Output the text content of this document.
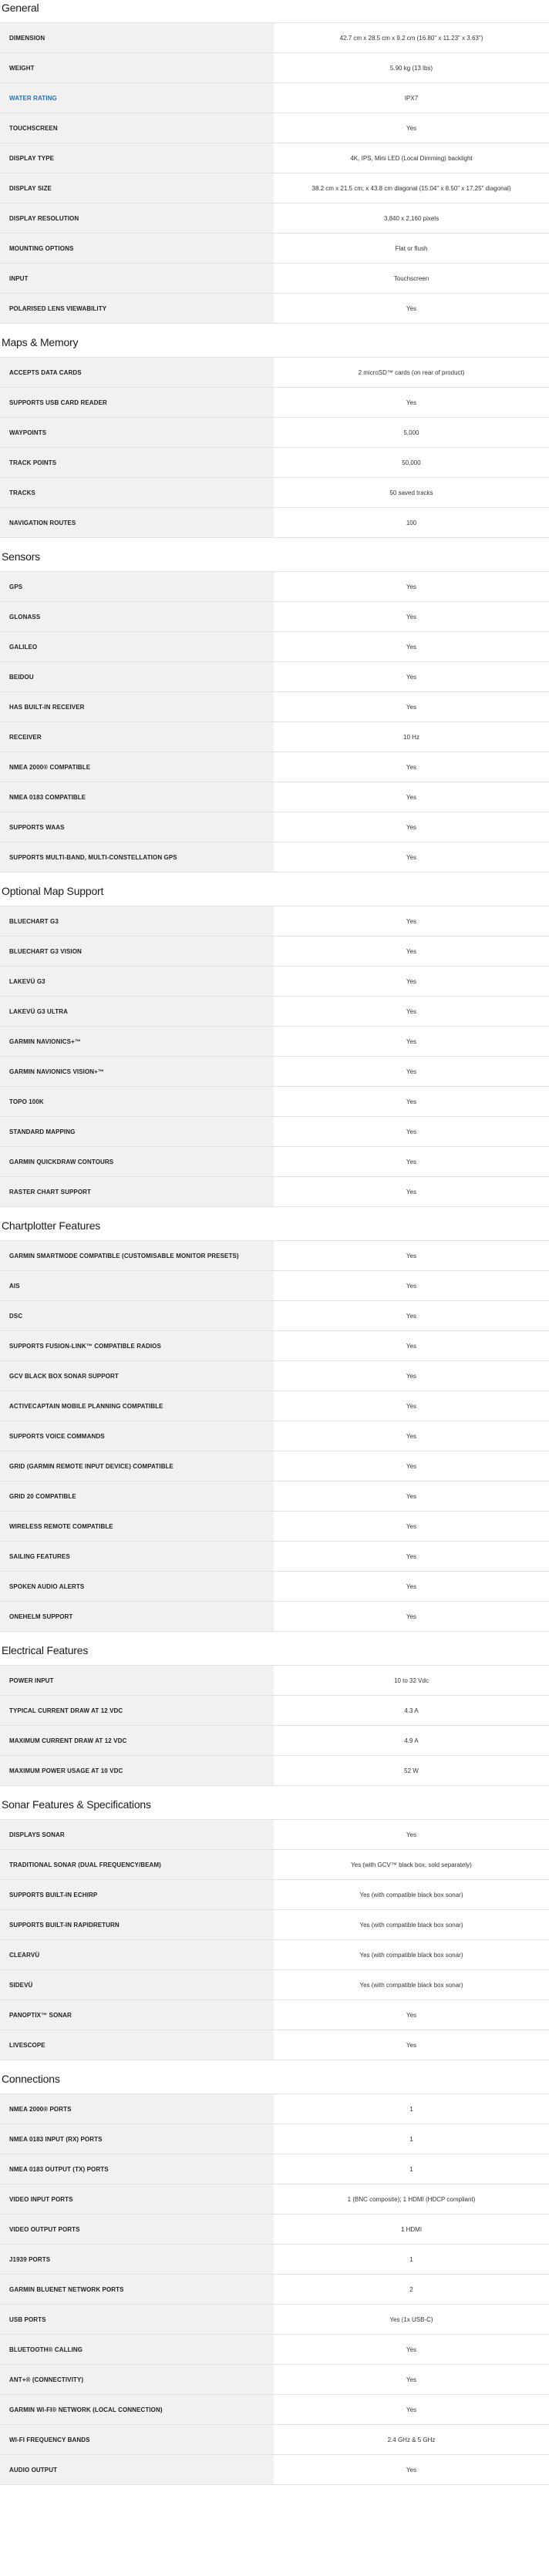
General
DIMENSION	42.7 cm x 28.5 cm x 9.2 cm (16.80" x 11.23" x 3.63")
WEIGHT	5.90 kg (13 lbs)
WATER RATING	IPX7
TOUCHSCREEN	Yes
DISPLAY TYPE	4K, IPS, Mini LED (Local Dimming) backlight
DISPLAY SIZE	38.2 cm x 21.5 cm; x 43.8 cm diagonal (15.04" x 8.50" x 17.25" diagonal)
DISPLAY RESOLUTION	3,840 x 2,160 pixels
MOUNTING OPTIONS	Flat or flush
INPUT	Touchscreen
POLARISED LENS VIEWABILITY	Yes
Maps & Memory
ACCEPTS DATA CARDS	2 microSD™ cards (on rear of product)
SUPPORTS USB CARD READER	Yes
WAYPOINTS	5,000
TRACK POINTS	50,000
TRACKS	50 saved tracks
NAVIGATION ROUTES	100
Sensors
GPS	Yes
GLONASS	Yes
GALILEO	Yes
BEIDOU	Yes
HAS BUILT-IN RECEIVER	Yes
RECEIVER	10 Hz
NMEA 2000® COMPATIBLE	Yes
NMEA 0183 COMPATIBLE	Yes
SUPPORTS WAAS	Yes
SUPPORTS MULTI-BAND, MULTI-CONSTELLATION GPS	Yes
Optional Map Support
BLUECHART G3	Yes
BLUECHART G3 VISION	Yes
LAKEVÜ G3	Yes
LAKEVÜ G3 ULTRA	Yes
GARMIN NAVIONICS+™	Yes
GARMIN NAVIONICS VISION+™	Yes
TOPO 100K	Yes
STANDARD MAPPING	Yes
GARMIN QUICKDRAW CONTOURS	Yes
RASTER CHART SUPPORT	Yes
Chartplotter Features
GARMIN SMARTMODE COMPATIBLE (CUSTOMISABLE MONITOR PRESETS)	Yes
AIS	Yes
DSC	Yes
SUPPORTS FUSION-LINK™ COMPATIBLE RADIOS	Yes
GCV BLACK BOX SONAR SUPPORT	Yes
ACTIVECAPTAIN MOBILE PLANNING COMPATIBLE	Yes
SUPPORTS VOICE COMMANDS	Yes
GRID (GARMIN REMOTE INPUT DEVICE) COMPATIBLE	Yes
GRID 20 COMPATIBLE	Yes
WIRELESS REMOTE COMPATIBLE	Yes
SAILING FEATURES	Yes
SPOKEN AUDIO ALERTS	Yes
ONEHELM SUPPORT	Yes
Electrical Features
POWER INPUT	10 to 32 Vdc
TYPICAL CURRENT DRAW AT 12 VDC	4.3 A
MAXIMUM CURRENT DRAW AT 12 VDC	4.9 A
MAXIMUM POWER USAGE AT 10 VDC	52 W
Sonar Features & Specifications
DISPLAYS SONAR	Yes
TRADITIONAL SONAR (DUAL FREQUENCY/BEAM)	Yes (with GCV™ black box, sold separately)
SUPPORTS BUILT-IN ECHIRP	Yes (with compatible black box sonar)
SUPPORTS BUILT-IN RAPIDRETURN	Yes (with compatible black box sonar)
CLEARVÜ	Yes (with compatible black box sonar)
SIDEVÜ	Yes (with compatible black box sonar)
PANOPTIX™ SONAR	Yes
LIVESCOPE	Yes
Connections
NMEA 2000® PORTS	1
NMEA 0183 INPUT (RX) PORTS	1
NMEA 0183 OUTPUT (TX) PORTS	1
VIDEO INPUT PORTS	1 (BNC composite); 1 HDMI (HDCP compliant)
VIDEO OUTPUT PORTS	1 HDMI
J1939 PORTS	1
GARMIN BLUENET NETWORK PORTS	2
USB PORTS	Yes (1x USB-C)
BLUETOOTH® CALLING	Yes
ANT+® (CONNECTIVITY)	Yes
GARMIN WI-FI® NETWORK (LOCAL CONNECTION)	Yes
WI-FI FREQUENCY BANDS	2.4 GHz & 5 GHz
AUDIO OUTPUT	Yes
